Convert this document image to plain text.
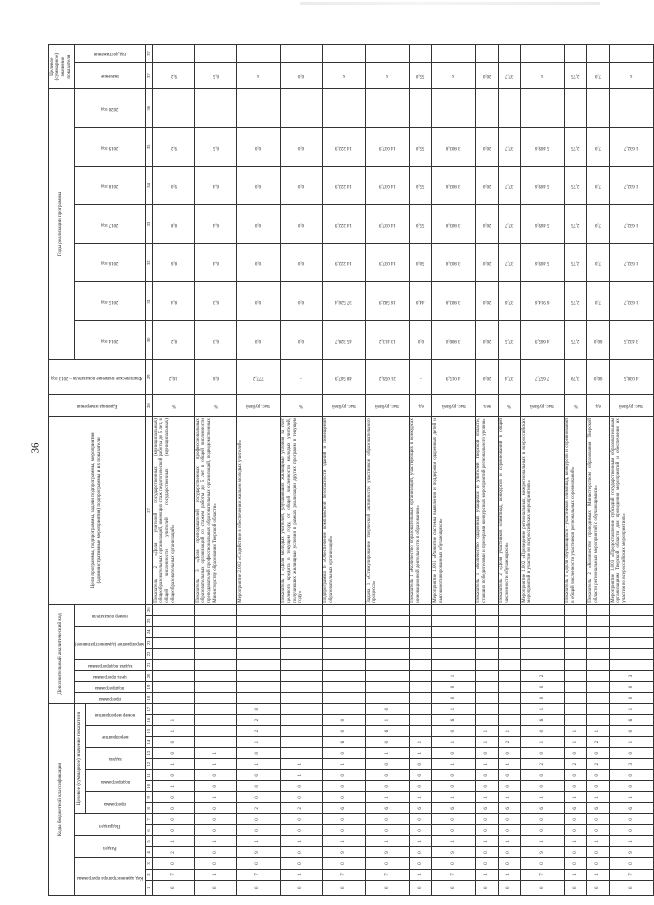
36
Коды бюджетной классификации																	Дополнительный аналитический код									Цели программы, подпрограммы, задачи подпрограммы, мероприятия (административные мероприятия) подпрограммы и их показатели	Единица измерения	Фактическое значение показателя – 2013 год	Годы реализации программы							Целевое (суммарное) значение показателя	

Код администратора программы			Раздел		Подраздел		Целевое (суммарное) значение показателя										программа	подпрограмма	цель программы	задача подпрограммы	мероприятие (административное)			номер показателя					2014 год	2015 год	2016 год	2017 год	2018 год	2019 год	2020 год	значение	год достижения

							программа		подпрограмма		задача		мероприятие		номер мероприятия																						

1	2	3	4	5	6	7	8	9	10	11	12	13	14	15	16	17	18	19	20	21	22	23	24	25	26	27	28	29	30	31	32	33	34	35	36	37	37
0	7	0	2	1	0	0	0	0	1	0	1	0	0	1	1											Показатель 2 «Доля учителей государственных (муниципальных) общеобразовательных организаций, имеющих стаж педагогической работы до 5 лет, в общей численности учителей государственных (муниципальных) общеобразовательных организаций»	%	10,2	8,2	8,4	8,6	8,8	9,0	9,2		9,2	

0	1	0	0	1	0	0	0	1	0	0	1	1														Показатель 3 «Доля преподавателей государственных профессиональных образовательных организаций со стажем работы до 5 лет в общей численности преподавателей профессиональных образовательных организаций, подведомственных Министерству образования Тверской области»	%	6,6	6,3	6,3	6,4	6,4	6,4	6,5		6,5	

0	7	0	9	1	0	0	2	0	0	0	1	0	1	2	2	0										Мероприятие 2.002 «Содействие в обеспечении жильем молодых учителей»	тыс. рублей	777,2	0,0	0,0	0,0	0,0	0,0	0,0		x	

0	1	0	0	1	0	0	2	0	0	1	1															Показатель 1 «Доля молодых учителей, улучшивших жилищные условия за счет целевого кредита в текущем году, от общей численности молодых учителей, получивших жилищные условия в рамках реализации других программ в текущем году»	%	-	0,0	0,0	0,0	0,0	0,0	0,0		0,0	

0	7	0	9	1	0	0	6	0	0	0	1	0	6	0	0											Подпрограмма 6 «Обеспечение комплексной безопасности зданий и помещений образовательных организаций»	тыс. рублей	48 567,9	45 328,7	37 520,4	14 222,9	14 222,9	14 222,9	14 222,9		x	

0	7	0	9	1	0	0	6	1	0	0	0	1	0	6	1	0										Задача 1 «Стимулирование творческой активности участников образовательного процесса»	тыс. рублей	21 059,2	13 413,2	16 582,9	14 037,9	14 037,9	14 037,9	14 037,9		x	

0	1	0	0	1	0	0	6	1	0	0	0	1	1													Показатель 1 «Количество образовательных организаций, участвующих в конкурсах инновационной деятельности в образовании»	ед.	-	0,0	44,0	50,0	55,0	55,0	55,0		55,0	

0	7	0	9	1	0	0	6	1	0	0	1	0	1	0	6	1	0	0	1							Мероприятие 1.001 «Развитие системы выявления и поддержки одаренных детей и высокомотивированных обучающихся»	тыс. рублей	4 015,9	3 800,6	3 803,8	3 803,8	3 803,8	3 803,8	3 803,8		x	

0	1	0	0	1	0	0	6	1	0	0	1	0	1	1												Показатель 1 «Количество одаренных учащихся и учителей Тверской области, ставших победителями и призерами конкурсных мероприятий регионального уровня»	чел.	20,0	20,0	20,0	20,0	20,0	20,0	20,0		20,0	

0	1	0	0	1	0	0	6	1	0	0	1	0	2	1												Показатель 2 «Доля участников олимпиад, конкурсов и соревнований в общей численности обучающихся»	%	37,4	37,5	37,6	37,7	37,7	37,7	37,7		37,7	

0	7	0	9	1	0	0	6	1	0	0	2	0	1	0	6	1	0	0	2							Мероприятие 1.002 «Проведение региональных, межрегиональных и всероссийских мероприятий и участие во всероссийских мероприятиях»	тыс. рублей	7 657,7	4 665,9	6 914,6	5 469,6	5 469,6	5 469,6	5 469,6		x	

0	1	0	0	1	0	0	6	1	0	0	2	0	1	1												Показатель 1 «Доля обучающихся - участников олимпиад, конкурсов и соревнований в общей численности участников региональных соревнований»	%	3,70	2,75	2,75	2,75	2,75	2,75	2,75		2,75	

0	1	0	0	1	0	0	6	1	0	0	2	0	2	1												Показатель 2 «Количество проводимых Министерством образования Тверской области региональных мероприятий с обучающимися»	ед.	60,0	60,0	7,0	7,0	7,0	7,0	7,0		7,0	

0	7	0	9	1	0	0	6	1	0	0	3	0	1	0	6	1	0	0	3							Мероприятие 1.003 «Предоставление субсидий государственным образовательным организациям Тверской области для проведения мероприятий и обеспечения их участия во всероссийских мероприятиях»	тыс. рублей	4 038,5	3 432,5	1 632,7	1 632,7	1 632,7	1 632,7	1 632,7		x	
